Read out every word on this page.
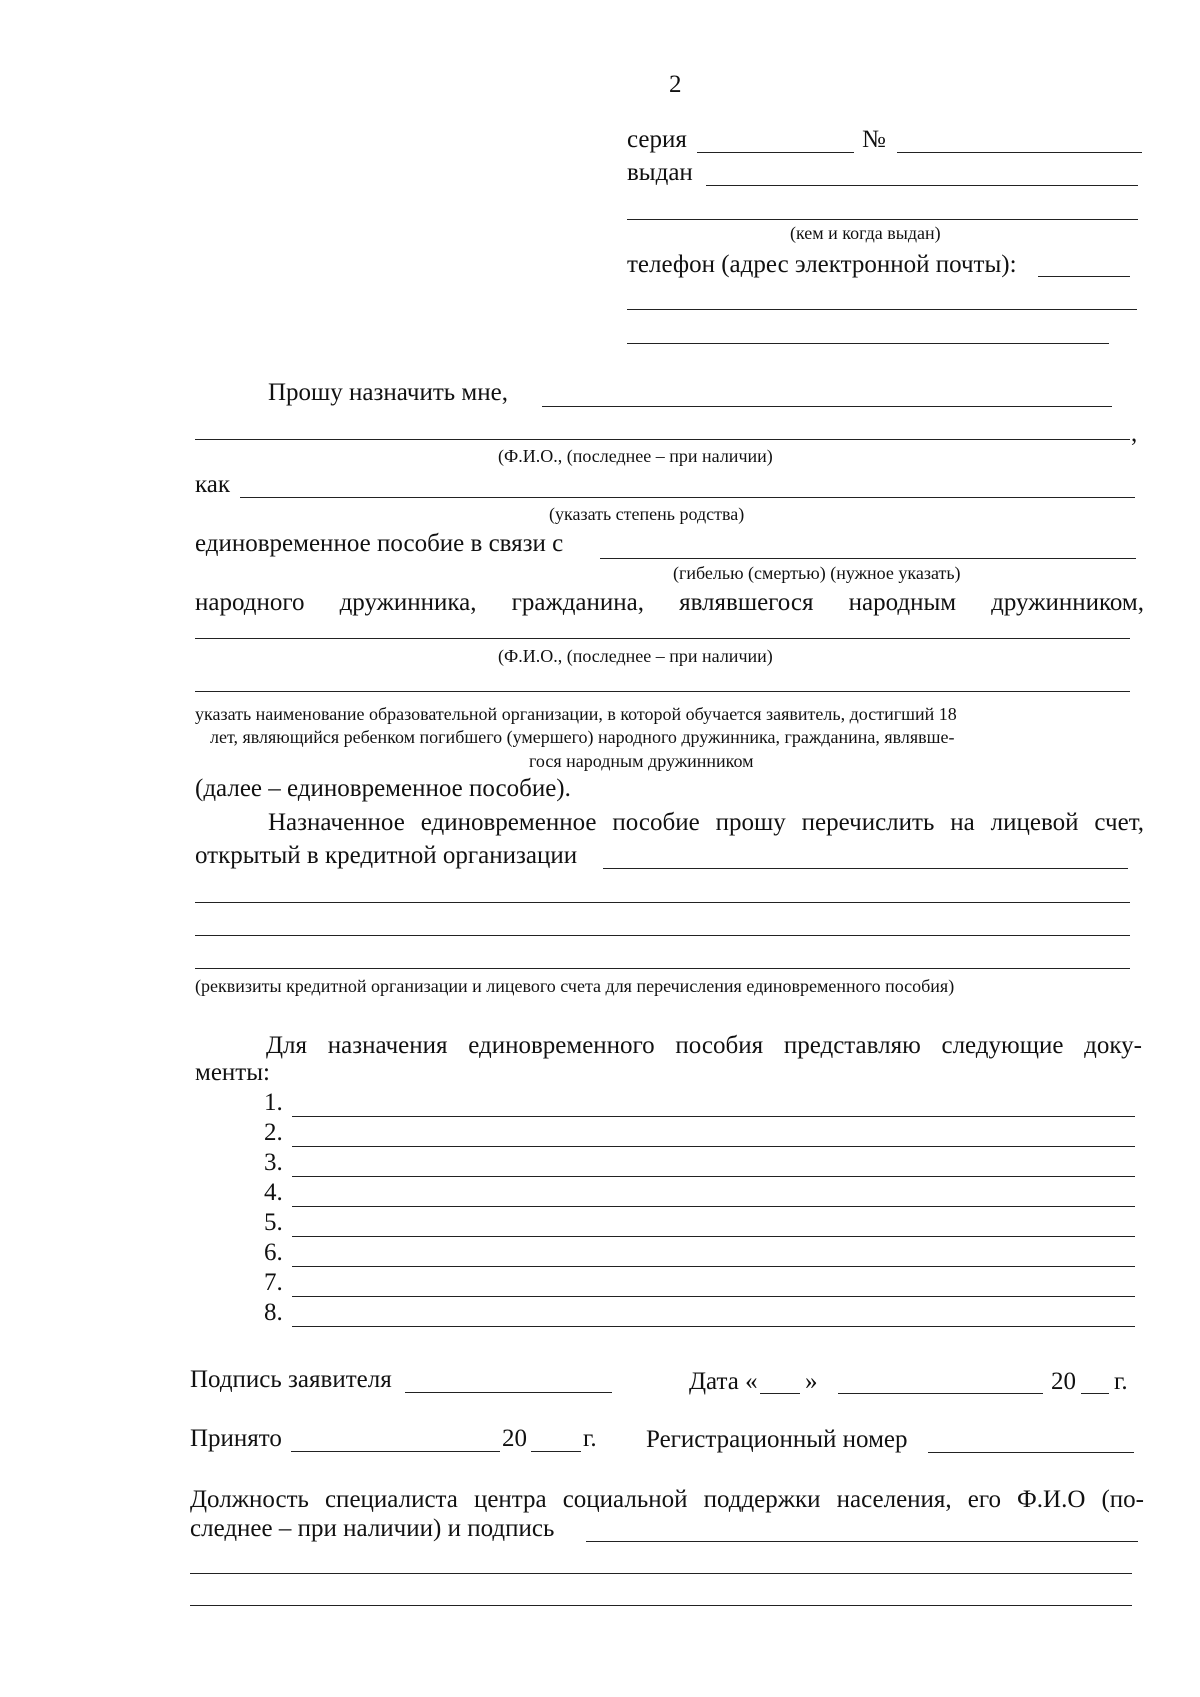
2
серия	№
выдан
(кем и когда выдан)
телефон (адрес электронной почты):
Прошу назначить мне,
,
(Ф.И.О., (последнее – при наличии)
как
(указать степень родства)
единовременное пособие в связи с
(гибелью (смертью) (нужное указать)
народного дружинника, гражданина, являвшегося народным дружинником,
(Ф.И.О., (последнее – при наличии)
указать наименование образовательной организации, в которой обучается заявитель, достигший 18
лет, являющийся ребенком погибшего (умершего) народного дружинника, гражданина, являвше-
гося народным дружинником
(далее – единовременное пособие).
Назначенное единовременное пособие прошу перечислить на лицевой счет,
открытый в кредитной организации
(реквизиты кредитной организации и лицевого счета для перечисления единовременного пособия)
Для назначения единовременного пособия представляю следующие доку-
менты:
1.
2.
3.
4.
5.
6.
7.
8.
Подпись заявителя	Дата « »	20 г.
Принято	20 г. Регистрационный номер
Должность специалиста центра социальной поддержки населения, его Ф.И.О (по-
следнее – при наличии) и подпись
